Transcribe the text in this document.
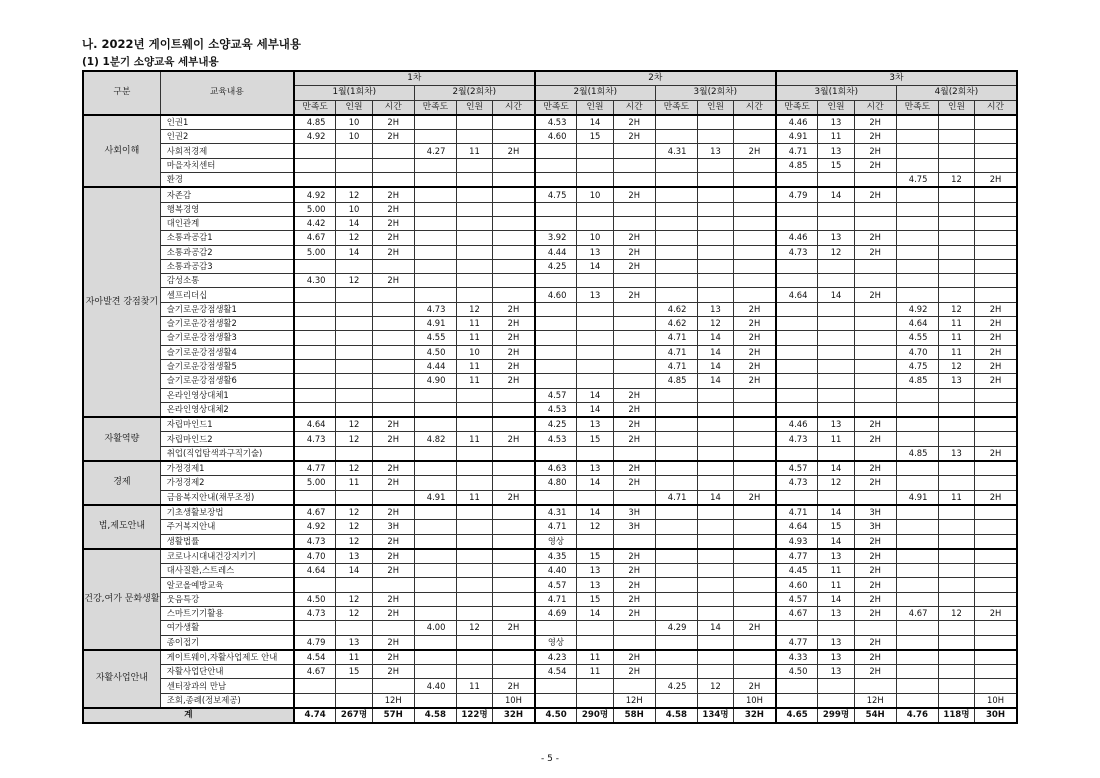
나. 2022년 게이트웨이 소양교육 세부내용
(1) 1분기 소양교육 세부내용
구분	교육내용	1차						2차						3차					
		1월(1회차)			2월(2회차)			2월(1회차)			3월(2회차)			3월(1회차)			4월(2회차)		
		만족도	인원	시간	만족도	인원	시간	만족도	인원	시간	만족도	인원	시간	만족도	인원	시간	만족도	인원	시간
사회이해	인권1	4.85	10	2H				4.53	14	2H				4.46	13	2H			
	인권2	4.92	10	2H				4.60	15	2H				4.91	11	2H			
	사회적경제				4.27	11	2H				4.31	13	2H	4.71	13	2H			
	마을자치센터													4.85	15	2H			
	환경																4.75	12	2H
자아발견 강점찾기	자존감	4.92	12	2H				4.75	10	2H				4.79	14	2H			
	행복경영	5.00	10	2H															
	대인관계	4.42	14	2H															
	소통과공감1	4.67	12	2H				3.92	10	2H				4.46	13	2H			
	소통과공감2	5.00	14	2H				4.44	13	2H				4.73	12	2H			
	소통과공감3							4.25	14	2H									
	감성소통	4.30	12	2H															
	셀프리더십							4.60	13	2H				4.64	14	2H			
	슬기로운강점생활1				4.73	12	2H				4.62	13	2H				4.92	12	2H
	슬기로운강점생활2				4.91	11	2H				4.62	12	2H				4.64	11	2H
	슬기로운강점생활3				4.55	11	2H				4.71	14	2H				4.55	11	2H
	슬기로운강점생활4				4.50	10	2H				4.71	14	2H				4.70	11	2H
	슬기로운강점생활5				4.44	11	2H				4.71	14	2H				4.75	12	2H
	슬기로운강점생활6				4.90	11	2H				4.85	14	2H				4.85	13	2H
	온라인영상대체1							4.57	14	2H									
	온라인영상대체2							4.53	14	2H									
자활역량	자립마인드1	4.64	12	2H				4.25	13	2H				4.46	13	2H			
	자립마인드2	4.73	12	2H	4.82	11	2H	4.53	15	2H				4.73	11	2H			
	취업(직업탐색과구직기술)																4.85	13	2H
경제	가정경제1	4.77	12	2H				4.63	13	2H				4.57	14	2H			
	가정경제2	5.00	11	2H				4.80	14	2H				4.73	12	2H			
	금융복지안내(채무조정)				4.91	11	2H				4.71	14	2H				4.91	11	2H
법,제도안내	기초생활보장법	4.67	12	2H				4.31	14	3H				4.71	14	3H			
	주거복지안내	4.92	12	3H				4.71	12	3H				4.64	15	3H			
	생활법률	4.73	12	2H				영상						4.93	14	2H			
건강,여가 문화생활	코로나시대내건강지키기	4.70	13	2H				4.35	15	2H				4.77	13	2H			
	대사질환,스트레스	4.64	14	2H				4.40	13	2H				4.45	11	2H			
	알코올예방교육							4.57	13	2H				4.60	11	2H			
	웃음특강	4.50	12	2H				4.71	15	2H				4.57	14	2H			
	스마트기기활용	4.73	12	2H				4.69	14	2H				4.67	13	2H	4.67	12	2H
	여가생활				4.00	12	2H				4.29	14	2H						
	종이접기	4.79	13	2H				영상						4.77	13	2H			
자활사업안내	게이트웨이,자활사업제도 안내	4.54	11	2H				4.23	11	2H				4.33	13	2H			
	자활사업단안내	4.67	15	2H				4.54	11	2H				4.50	13	2H			
	센터장과의 만남				4.40	11	2H				4.25	12	2H						
	조회,종례(정보제공)			12H			10H			12H			10H			12H			10H
계		4.74	267명	57H	4.58	122명	32H	4.50	290명	58H	4.58	134명	32H	4.65	299명	54H	4.76	118명	30H
- 5 -
